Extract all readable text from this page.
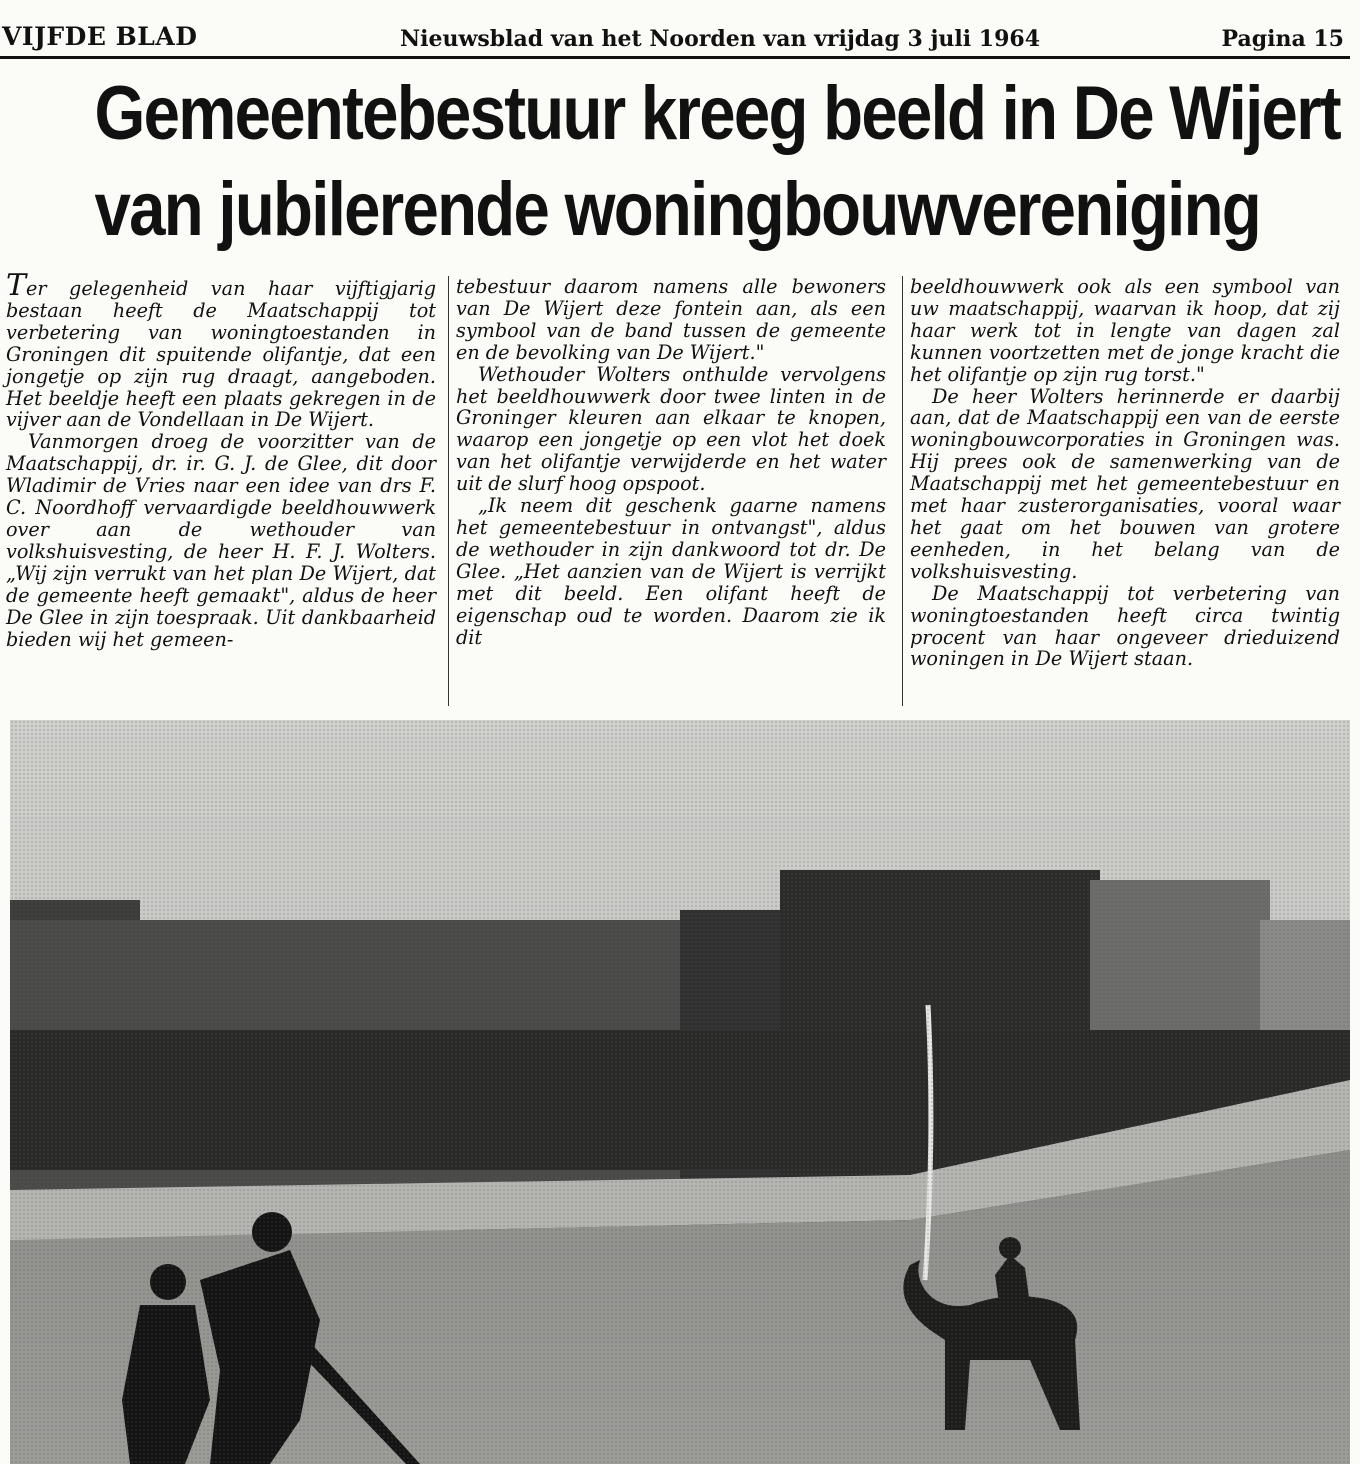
VIJFDE BLAD	Nieuwsblad van het Noorden van vrijdag 3 juli 1964	Pagina 15
Gemeentebestuur kreeg beeld in De Wijert
van jubilerende woningbouwvereniging

Ter gelegenheid van haar vijftigjarig bestaan heeft de Maatschappij tot verbetering van woningtoestanden in Groningen dit spuitende olifantje, dat een jongetje op zijn rug draagt, aangeboden. Het beeldje heeft een plaats gekregen in de vijver aan de Vondellaan in De Wijert.

Vanmorgen droeg de voorzitter van de Maatschappij, dr. ir. G. J. de Glee, dit door Wladimir de Vries naar een idee van drs F. C. Noordhoff vervaardigde beeldhouwwerk over aan de wethouder van volkshuisvesting, de heer H. F. J. Wolters. „Wij zijn verrukt van het plan De Wijert, dat de gemeente heeft gemaakt", aldus de heer De Glee in zijn toespraak. Uit dankbaarheid bieden wij het gemeen-

tebestuur daarom namens alle bewoners van De Wijert deze fontein aan, als een symbool van de band tussen de gemeente en de bevolking van De Wijert."

Wethouder Wolters onthulde vervolgens het beeldhouwwerk door twee linten in de Groninger kleuren aan elkaar te knopen, waarop een jongetje op een vlot het doek van het olifantje verwijderde en het water uit de slurf hoog opspoot.

„Ik neem dit geschenk gaarne namens het gemeentebestuur in ontvangst", aldus de wethouder in zijn dankwoord tot dr. De Glee. „Het aanzien van de Wijert is verrijkt met dit beeld. Een olifant heeft de eigenschap oud te worden. Daarom zie ik dit

beeldhouwwerk ook als een symbool van uw maatschappij, waarvan ik hoop, dat zij haar werk tot in lengte van dagen zal kunnen voortzetten met de jonge kracht die het olifantje op zijn rug torst."

De heer Wolters herinnerde er daarbij aan, dat de Maatschappij een van de eerste woningbouwcorporaties in Groningen was. Hij prees ook de samenwerking van de Maatschappij met het gemeentebestuur en met haar zusterorganisaties, vooral waar het gaat om het bouwen van grotere eenheden, in het belang van de volkshuisvesting.

De Maatschappij tot verbetering van woningtoestanden heeft circa twintig procent van haar ongeveer drieduizend woningen in De Wijert staan.
